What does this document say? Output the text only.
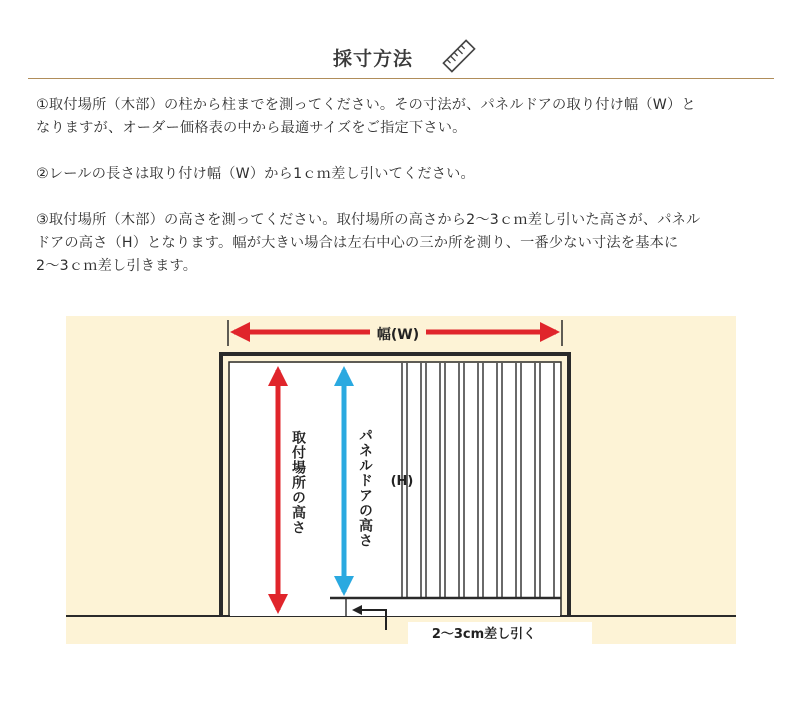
採寸方法
①取付場所（木部）の柱から柱までを測ってください。その寸法が、パネルドアの取り付け幅（W）と
なりますが、オーダー価格表の中から最適サイズをご指定下さい。
②レールの長さは取り付け幅（W）から1ｃｍ差し引いてください。
③取付場所（木部）の高さを測ってください。取付場所の高さから2〜3ｃｍ差し引いた高さが、パネル
ドアの高さ（H）となります。幅が大きい場合は左右中心の三か所を測り、一番少ない寸法を基本に
2〜3ｃｍ差し引きます。
幅(W)
取付場所の高さ	パネルドアの高さ (H)
2〜3cm差し引く
